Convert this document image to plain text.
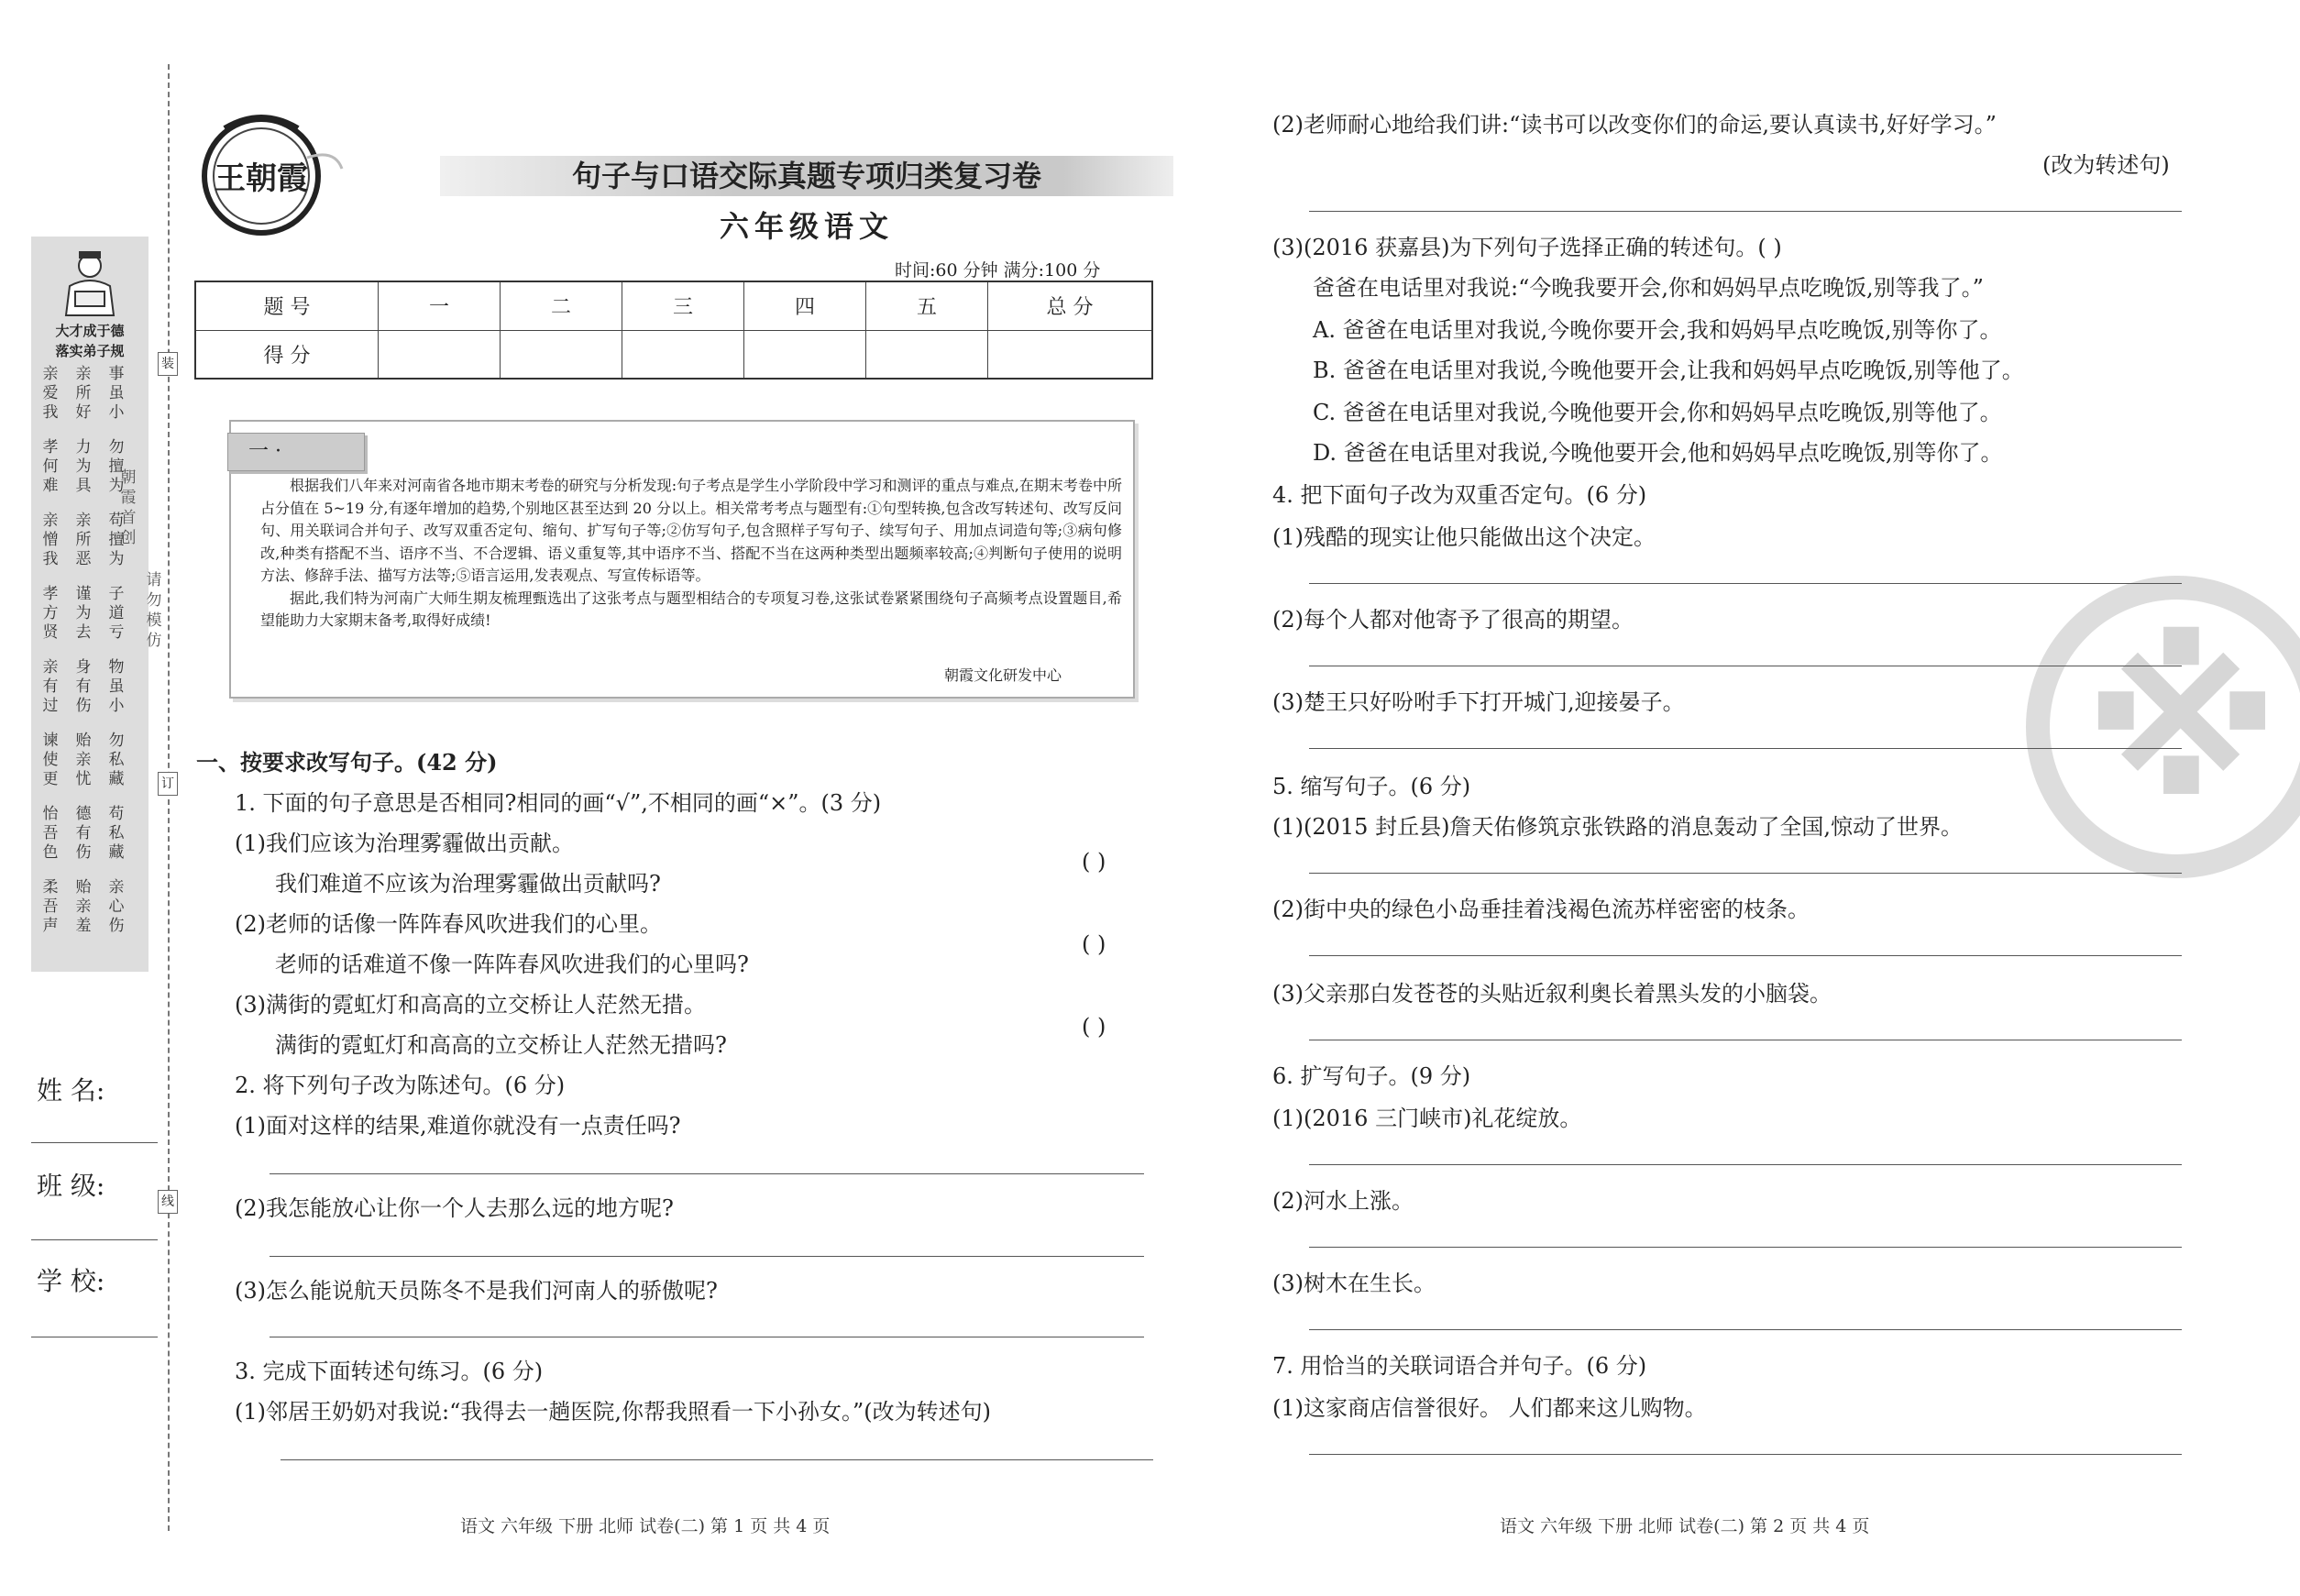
大才成于德
落实弟子规
亲爱我
亲所好
事虽小
孝何难
力为具
勿擅为
亲憎我
亲所恶
苟擅为
孝方贤
谨为去
子道亏
亲有过
身有伤
物虽小
谏使更
贻亲忧
勿私藏
怡吾色
德有伤
苟私藏
柔吾声
贻亲羞
亲心伤
朝霞首创
请勿模仿
装
订
线
姓 名:
班 级:
学 校:
王朝霞	句子与口语交际真题专项归类复习卷
六年级语文
时间:60 分钟 满分:100 分
题 号	一	二	三	四	五	总 分
得 分						
一 ·

根据我们八年来对河南省各地市期末考卷的研究与分析发现:句子考点是学生小学阶段中学习和测评的重点与难点,在期末考卷中所占分值在 5~19 分,有逐年增加的趋势,个别地区甚至达到 20 分以上。相关常考考点与题型有:①句型转换,包含改写转述句、改写反问句、用关联词合并句子、改写双重否定句、缩句、扩写句子等;②仿写句子,包含照样子写句子、续写句子、用加点词造句等;③病句修改,种类有搭配不当、语序不当、不合逻辑、语义重复等,其中语序不当、搭配不当在这两种类型出题频率较高;④判断句子使用的说明方法、修辞手法、描写方法等;⑤语言运用,发表观点、写宣传标语等。

据此,我们特为河南广大师生期友梳理甄选出了这张考点与题型相结合的专项复习卷,这张试卷紧紧围绕句子高频考点设置题目,希望能助力大家期末备考,取得好成绩!

朝霞文化研发中心
一、按要求改写句子。(42 分)
1. 下面的句子意思是否相同?相同的画“√”,不相同的画“×”。(3 分)
(1)我们应该为治理雾霾做出贡献。
我们难道不应该为治理雾霾做出贡献吗?
( )
(2)老师的话像一阵阵春风吹进我们的心里。
老师的话难道不像一阵阵春风吹进我们的心里吗?
( )
(3)满街的霓虹灯和高高的立交桥让人茫然无措。
满街的霓虹灯和高高的立交桥让人茫然无措吗?
( )
2. 将下列句子改为陈述句。(6 分)
(1)面对这样的结果,难道你就没有一点责任吗?
(2)我怎能放心让你一个人去那么远的地方呢?
(3)怎么能说航天员陈冬不是我们河南人的骄傲呢?
3. 完成下面转述句练习。(6 分)
(1)邻居王奶奶对我说:“我得去一趟医院,你帮我照看一下小孙女。”(改为转述句)
语文 六年级 下册 北师 试卷(二) 第 1 页 共 4 页
※
(2)老师耐心地给我们讲:“读书可以改变你们的命运,要认真读书,好好学习。”
(改为转述句)
(3)(2016 获嘉县)为下列句子选择正确的转述句。( )
爸爸在电话里对我说:“今晚我要开会,你和妈妈早点吃晚饭,别等我了。”
A. 爸爸在电话里对我说,今晚你要开会,我和妈妈早点吃晚饭,别等你了。
B. 爸爸在电话里对我说,今晚他要开会,让我和妈妈早点吃晚饭,别等他了。
C. 爸爸在电话里对我说,今晚他要开会,你和妈妈早点吃晚饭,别等他了。
D. 爸爸在电话里对我说,今晚他要开会,他和妈妈早点吃晚饭,别等你了。
4. 把下面句子改为双重否定句。(6 分)
(1)残酷的现实让他只能做出这个决定。
(2)每个人都对他寄予了很高的期望。
(3)楚王只好吩咐手下打开城门,迎接晏子。
5. 缩写句子。(6 分)
(1)(2015 封丘县)詹天佑修筑京张铁路的消息轰动了全国,惊动了世界。
(2)街中央的绿色小岛垂挂着浅褐色流苏样密密的枝条。
(3)父亲那白发苍苍的头贴近叙利奥长着黑头发的小脑袋。
6. 扩写句子。(9 分)
(1)(2016 三门峡市)礼花绽放。
(2)河水上涨。
(3)树木在生长。
7. 用恰当的关联词语合并句子。(6 分)
(1)这家商店信誉很好。 人们都来这儿购物。
语文 六年级 下册 北师 试卷(二) 第 2 页 共 4 页
